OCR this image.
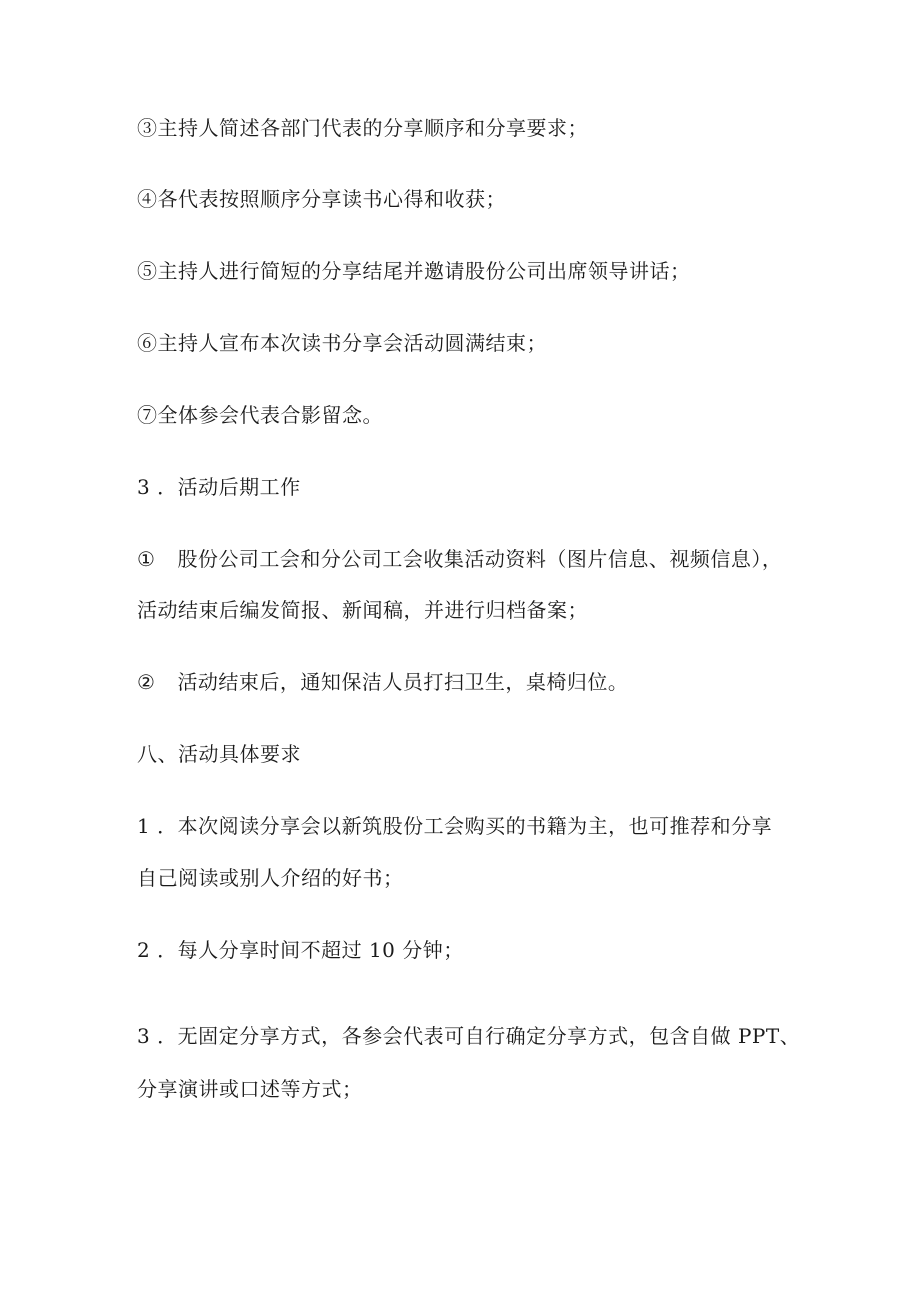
③主持人简述各部门代表的分享顺序和分享要求；
④各代表按照顺序分享读书心得和收获；
⑤主持人进行简短的分享结尾并邀请股份公司出席领导讲话；
⑥主持人宣布本次读书分享会活动圆满结束；
⑦全体参会代表合影留念。
3 ．活动后期工作
① 股份公司工会和分公司工会收集活动资料（图片信息、视频信息），
活动结束后编发简报、新闻稿，并进行归档备案；
② 活动结束后，通知保洁人员打扫卫生，桌椅归位。
八、活动具体要求
1 ．本次阅读分享会以新筑股份工会购买的书籍为主，也可推荐和分享
自己阅读或别人介绍的好书；
2 ．每人分享时间不超过 10 分钟；
3 ．无固定分享方式，各参会代表可自行确定分享方式，包含自做 PPT、
分享演讲或口述等方式；
